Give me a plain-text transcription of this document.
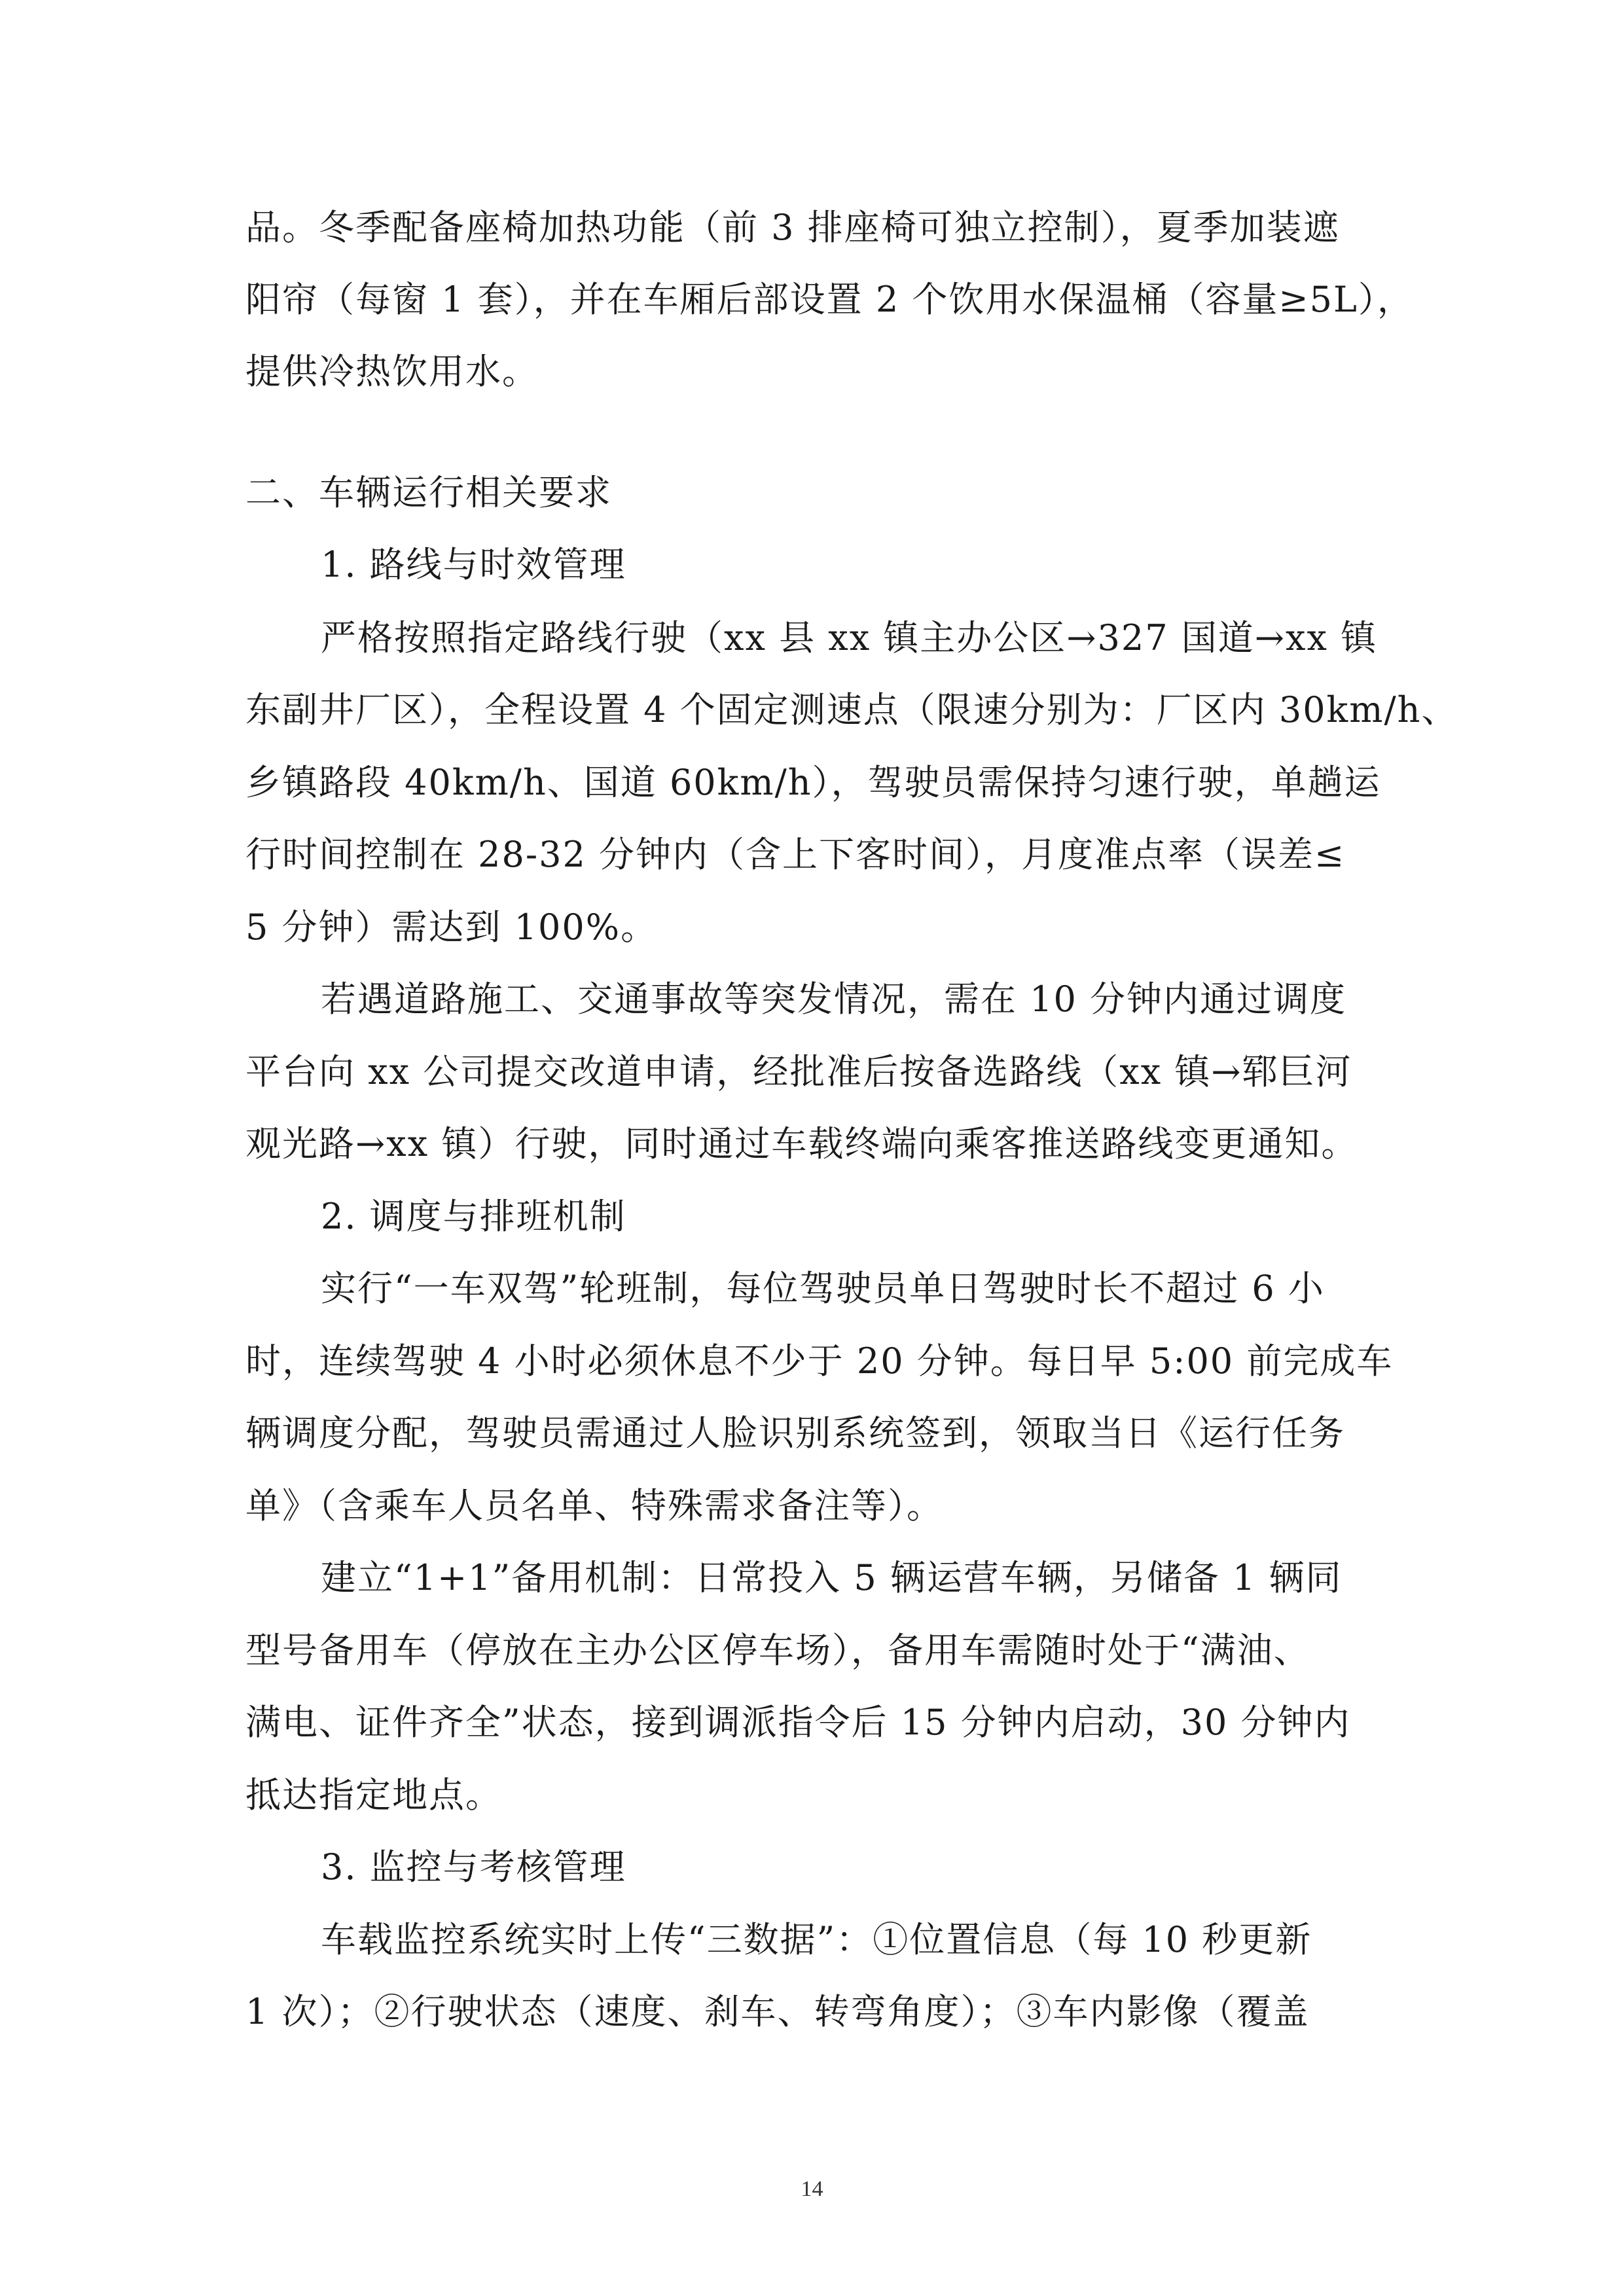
品。冬季配备座椅加热功能（前 3 排座椅可独立控制），夏季加装遮
阳帘（每窗 1 套），并在车厢后部设置 2 个饮用水保温桶（容量≥5L），
提供冷热饮用水。
二、车辆运行相关要求
1. 路线与时效管理
严格按照指定路线行驶（xx 县 xx 镇主办公区→327 国道→xx 镇
东副井厂区），全程设置 4 个固定测速点（限速分别为：厂区内 30km/h、
乡镇路段 40km/h、国道 60km/h），驾驶员需保持匀速行驶，单趟运
行时间控制在 28-32 分钟内（含上下客时间），月度准点率（误差≤
5 分钟）需达到 100%。
若遇道路施工、交通事故等突发情况，需在 10 分钟内通过调度
平台向 xx 公司提交改道申请，经批准后按备选路线（xx 镇→郓巨河
观光路→xx 镇）行驶，同时通过车载终端向乘客推送路线变更通知。
2. 调度与排班机制
实行“一车双驾”轮班制，每位驾驶员单日驾驶时长不超过 6 小
时，连续驾驶 4 小时必须休息不少于 20 分钟。每日早 5:00 前完成车
辆调度分配，驾驶员需通过人脸识别系统签到，领取当日《运行任务
单》（含乘车人员名单、特殊需求备注等）。
建立“1+1”备用机制：日常投入 5 辆运营车辆，另储备 1 辆同
型号备用车（停放在主办公区停车场），备用车需随时处于“满油、
满电、证件齐全”状态，接到调派指令后 15 分钟内启动，30 分钟内
抵达指定地点。
3. 监控与考核管理
车载监控系统实时上传“三数据”：①位置信息（每 10 秒更新
1 次）；②行驶状态（速度、刹车、转弯角度）；③车内影像（覆盖
14
